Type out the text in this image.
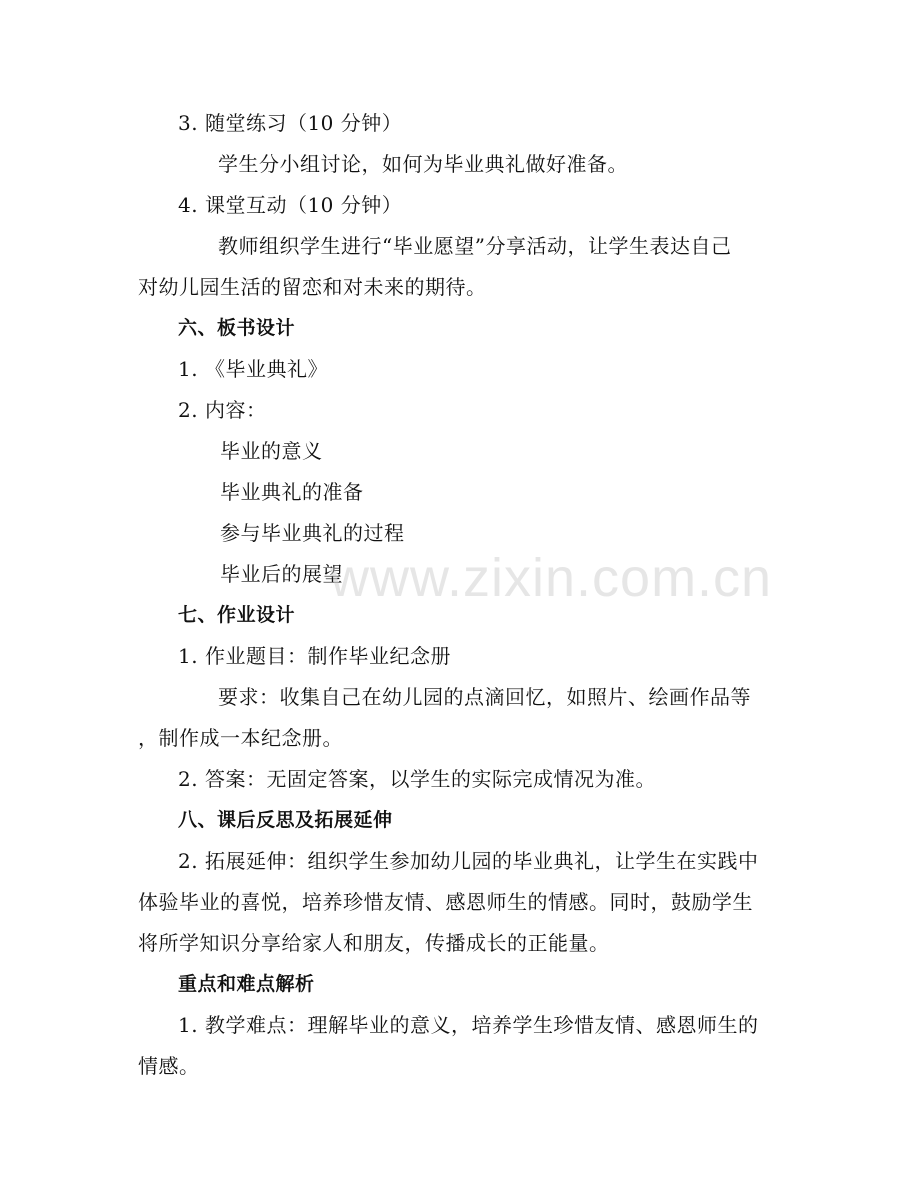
3. 随堂练习（10 分钟）
学生分小组讨论，如何为毕业典礼做好准备。
4. 课堂互动（10 分钟）
教师组织学生进行“毕业愿望”分享活动，让学生表达自己
对幼儿园生活的留恋和对未来的期待。
六、板书设计
1. 《毕业典礼》
2. 内容：
毕业的意义
毕业典礼的准备
参与毕业典礼的过程
毕业后的展望
七、作业设计
1. 作业题目：制作毕业纪念册
要求：收集自己在幼儿园的点滴回忆，如照片、绘画作品等
，制作成一本纪念册。
2. 答案：无固定答案，以学生的实际完成情况为准。
八、课后反思及拓展延伸
2. 拓展延伸：组织学生参加幼儿园的毕业典礼，让学生在实践中
体验毕业的喜悦，培养珍惜友情、感恩师生的情感。同时，鼓励学生
将所学知识分享给家人和朋友，传播成长的正能量。
重点和难点解析
1. 教学难点：理解毕业的意义，培养学生珍惜友情、感恩师生的
情感。
www.zixin.com.cn
